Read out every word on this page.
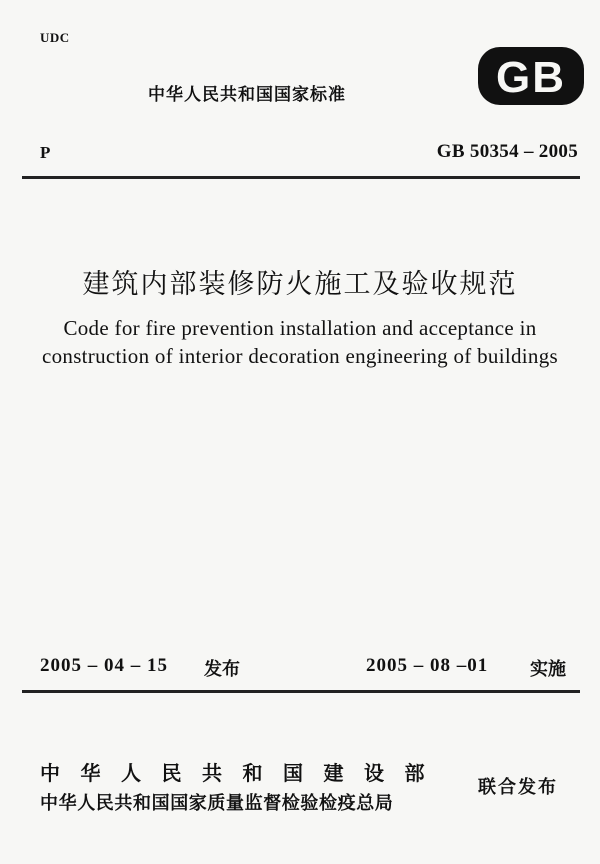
UDC
中华人民共和国国家标准	GB
P	GB 50354 – 2005
建筑内部装修防火施工及验收规范
Code for fire prevention installation and acceptance in
construction of interior decoration engineering of buildings
2005 – 04 – 15 发布	2005 – 08 –01 实施
中华人民共和国建设部
中华人民共和国国家质量监督检验检疫总局
联合发布
